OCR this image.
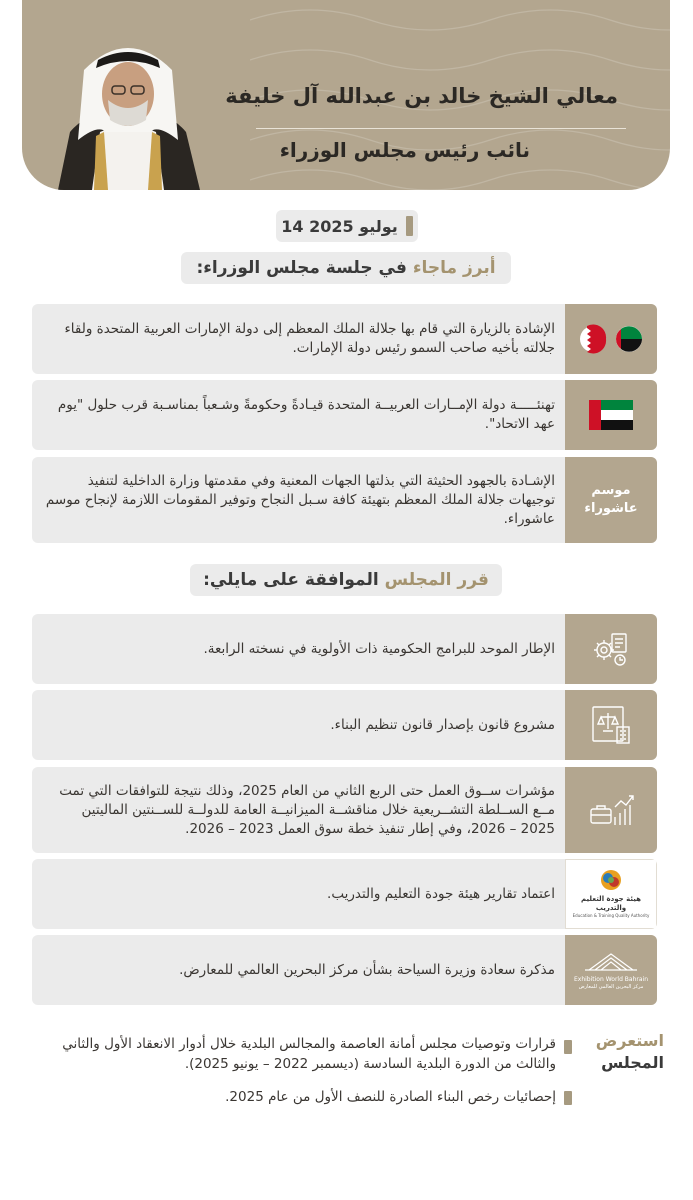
معالي الشيخ خالد بن عبدالله آل خليفة
نائب رئيس مجلس الوزراء
14 يوليو 2025
أبرز ماجاء
في جلسة مجلس الوزراء:
الإشادة بالزيارة التي قام بها جلالة الملك المعظم إلى دولة الإمارات العربية المتحدة ولقاء جلالته بأخيه صاحب السمو رئيس دولة الإمارات.
تهنئـــــة دولة الإمــارات العربيــة المتحدة قيـادةً وحكومةً وشـعباً بمناسـبة قرب حلول "يوم عهد الاتحاد".
موسم عاشوراء
الإشـادة بالجهود الحثيثة التي بذلتها الجهات المعنية وفي مقدمتها وزارة الداخلية لتنفيذ توجيهات جلالة الملك المعظم بتهيئة كافة سـبل النجاح وتوفير المقومات اللازمة لإنجاح موسم عاشوراء.
قرر المجلس
الموافقة على مايلي:
الإطار الموحد للبرامج الحكومية ذات الأولوية في نسخته الرابعة.
مشروع قانون بإصدار قانون تنظيم البناء.
مؤشرات ســوق العمل حتى الربع الثاني من العام 2025، وذلك نتيجة للتوافقات التي تمت مــع الســلطة التشــريعية خلال مناقشــة الميزانيــة العامة للدولــة للســنتين الماليتين 2025 – 2026، وفي إطار تنفيذ خطة سوق العمل 2023 – 2026.
هيئة جودة التعليم والتدريب
Education & Training Quality Authority
اعتماد تقارير هيئة جودة التعليم والتدريب.
Exhibition World Bahrain
مركز البحرين العالمي للمعارض
مذكرة سعادة وزيرة السياحة بشأن مركز البحرين العالمي للمعارض.
استعرض
المجلس
قرارات وتوصيات مجلس أمانة العاصمة والمجالس البلدية خلال أدوار الانعقاد الأول والثاني والثالث من الدورة البلدية السادسة (ديسمبر 2022 – يونيو 2025).
إحصائيات رخص البناء الصادرة للنصف الأول من عام 2025.
